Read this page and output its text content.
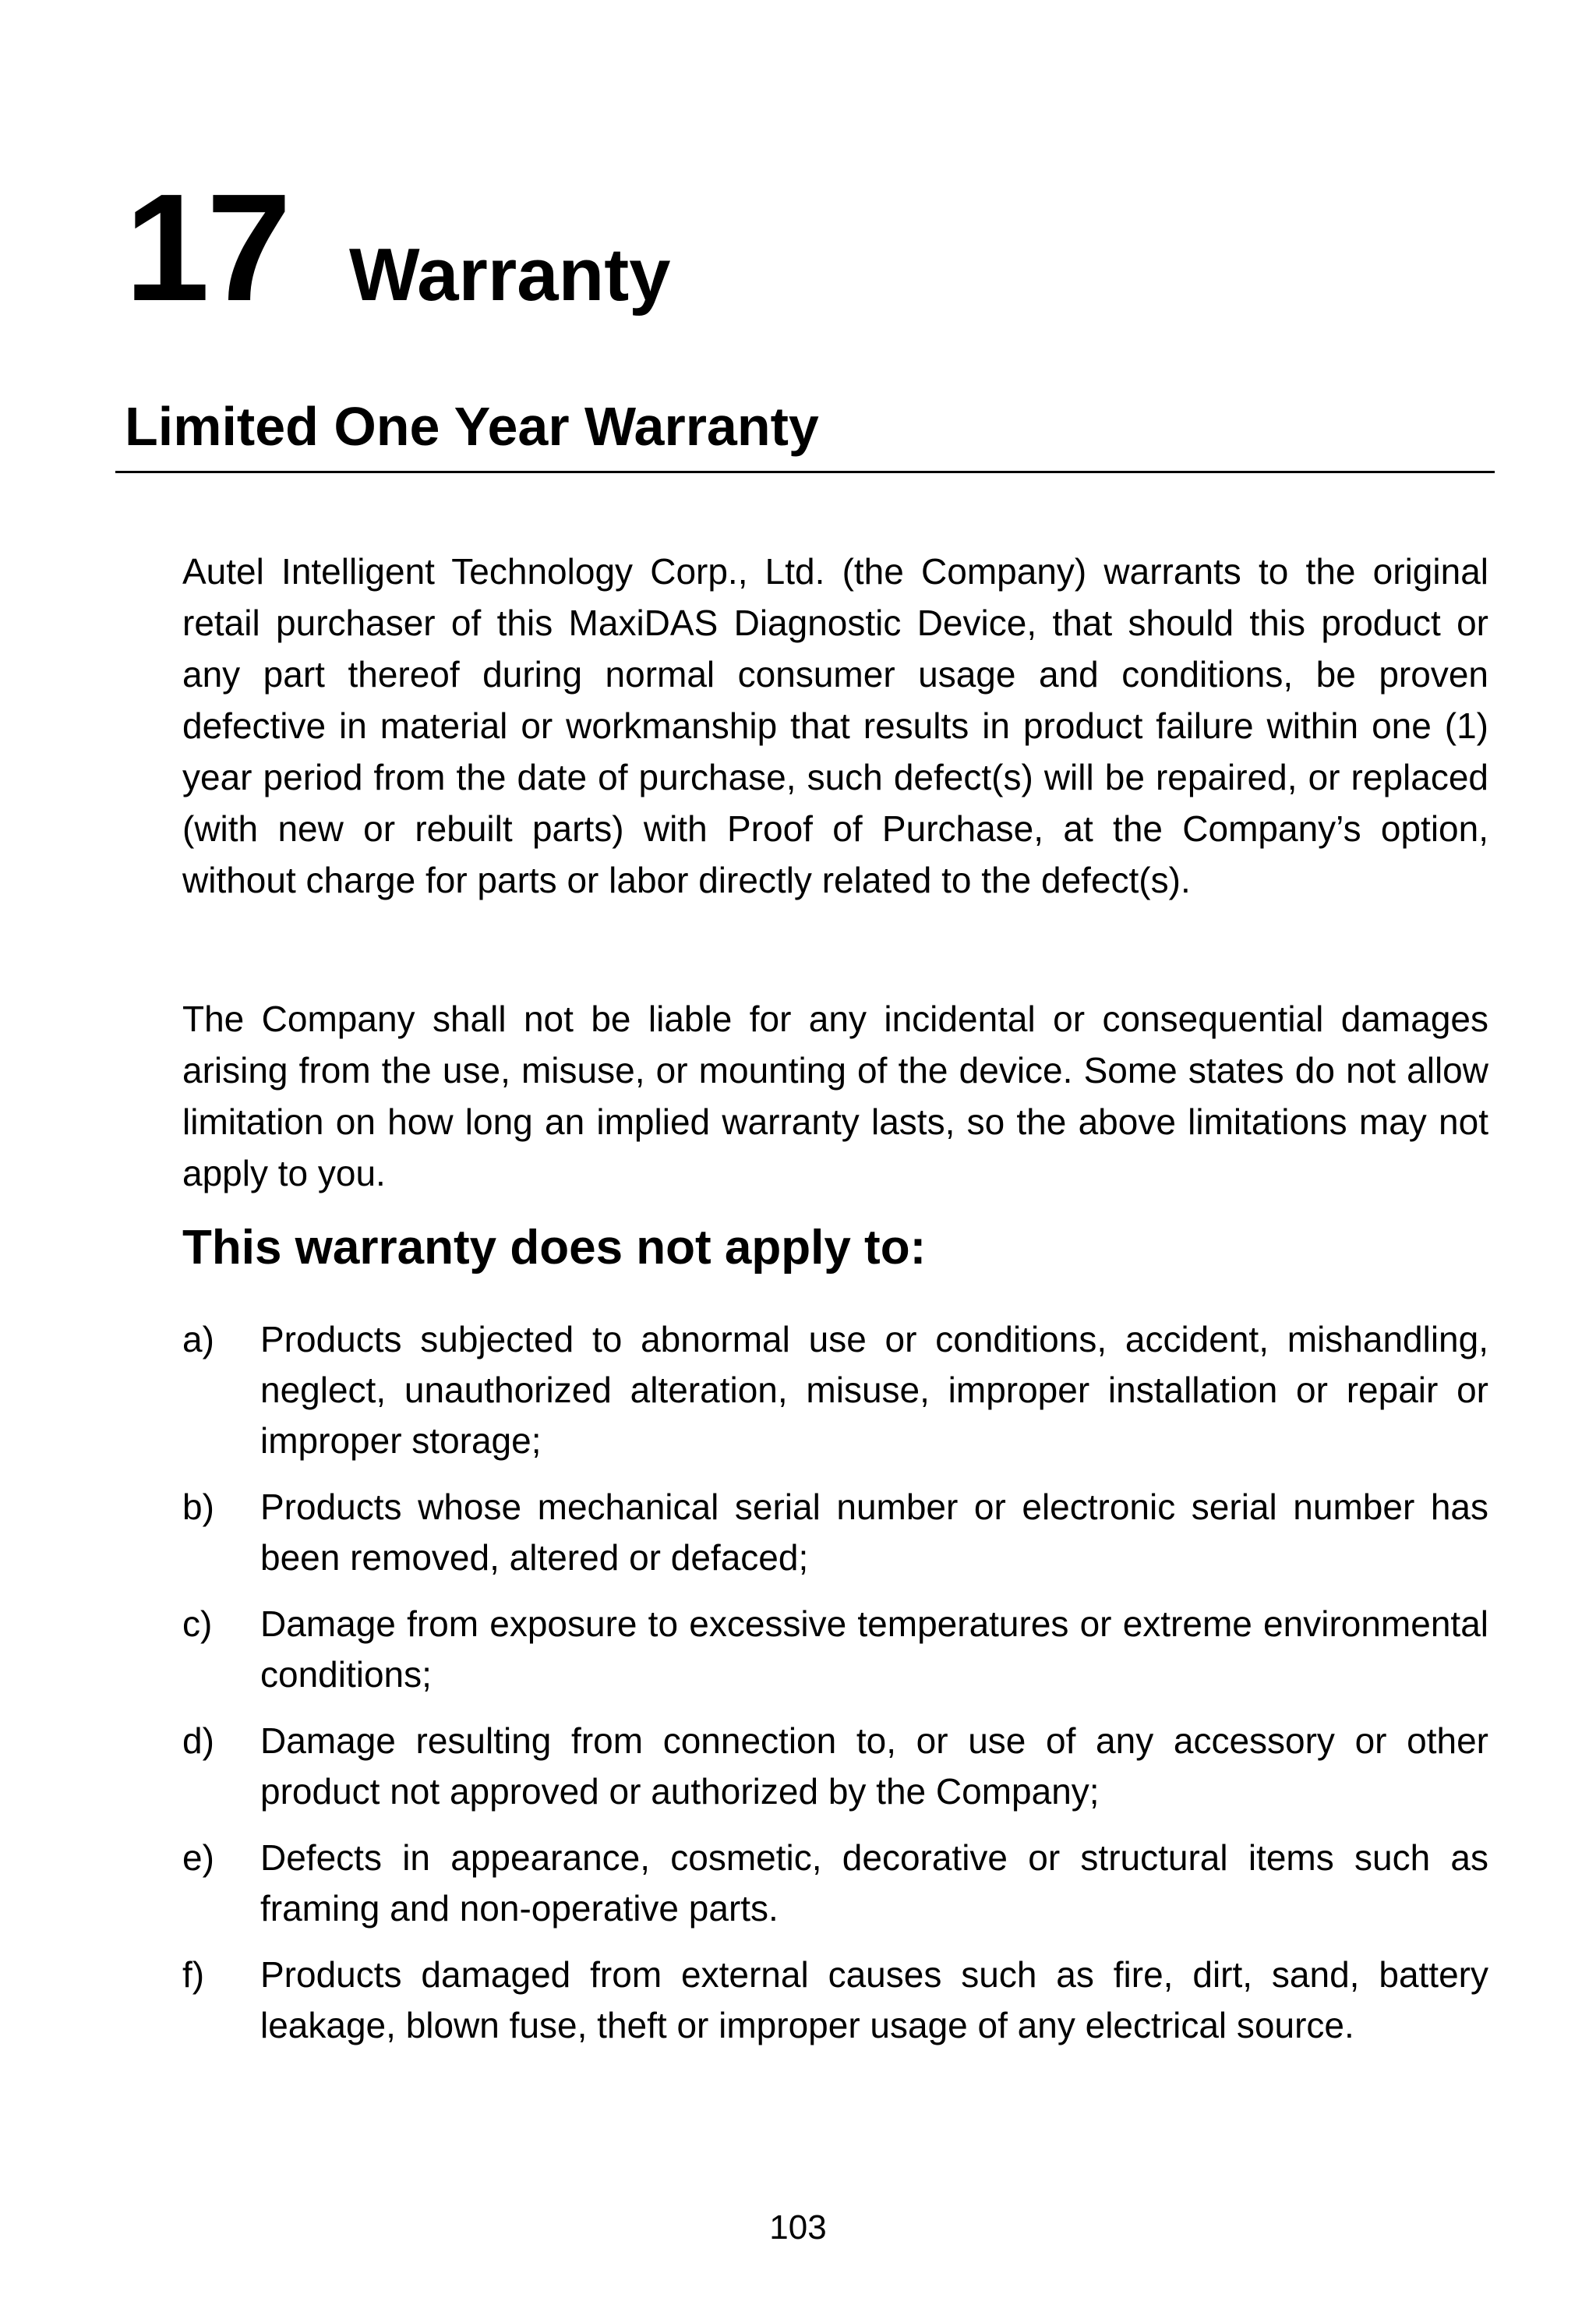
17 Warranty
Limited One Year Warranty

Autel Intelligent Technology Corp., Ltd. (the Company) warrants to the original retail purchaser of this MaxiDAS Diagnostic Device, that should this product or any part thereof during normal consumer usage and conditions, be proven defective in material or workmanship that results in product failure within one (1) year period from the date of purchase, such defect(s) will be repaired, or replaced (with new or rebuilt parts) with Proof of Purchase, at the Company’s option, without charge for parts or labor directly related to the defect(s).

The Company shall not be liable for any incidental or consequential damages arising from the use, misuse, or mounting of the device. Some states do not allow limitation on how long an implied warranty lasts, so the above limitations may not apply to you.

This warranty does not apply to:
a)	Products subjected to abnormal use or conditions, accident, mishandling, neglect, unauthorized alteration, misuse, improper installation or repair or improper storage;
b)	Products whose mechanical serial number or electronic serial number has been removed, altered or defaced;
c)	Damage from exposure to excessive temperatures or extreme environmental conditions;
d)	Damage resulting from connection to, or use of any accessory or other product not approved or authorized by the Company;
e)	Defects in appearance, cosmetic, decorative or structural items such as framing and non-operative parts.
f)	Products damaged from external causes such as fire, dirt, sand, battery leakage, blown fuse, theft or improper usage of any electrical source.
103
